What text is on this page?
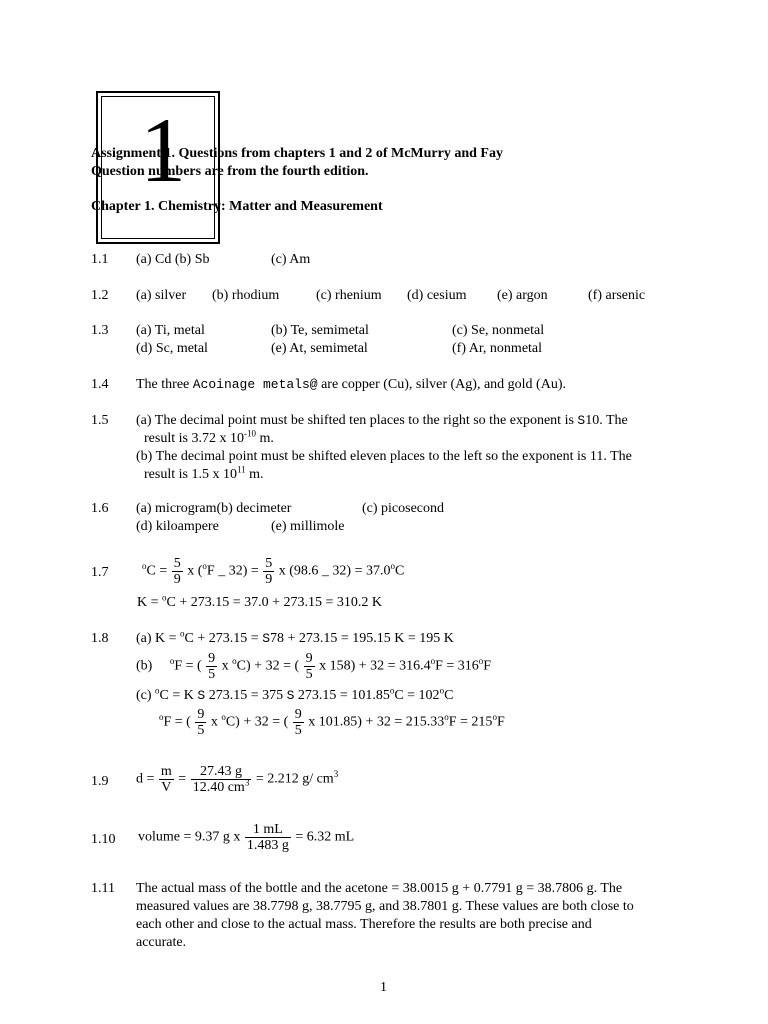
1
Assignment 1. Questions from chapters 1 and 2 of McMurry and Fay
Question numbers are from the fourth edition.
Chapter 1. Chemistry: Matter and Measurement
1.1 (a) Cd (b) Sb	(c) Am
1.2 (a) silver (b) rhodium	(c) rhenium (d) cesium (e) argon	(f) arsenic
1.3 (a) Ti, metal	(b) Te, semimetal	(c) Se, nonmetal
(d) Sc, metal	(e) At, semimetal	(f) Ar, nonmetal
1.4 The three Acoinage metals@ are copper (Cu), silver (Ag), and gold (Au).
1.5 (a) The decimal point must be shifted ten places to the right so the exponent is S10. The
result is 3.72 x $10^{-10}$ m.
(b) The decimal point must be shifted eleven places to the left so the exponent is 11. The
result is 1.5 x $10^{11}$ m.
1.6 (a) microgram(b) decimeter	(c) picosecond
(d) kiloampere	(e) millimole
1.7	$^oC = \frac{5}{9}$ x ($^o$F _ $32) = \frac{5}{9}$ x (98.6 _ $32) = 37.0^oC$
K = $^o$C + 273.15 = 37.0 + 273.15 = 310.2 K
1.8 (a) K = $^o$C + 273.15 = S78 + 273.15 = 195.15 K = 195 K
(b) $^o$F = ( $\frac{9}{5}$ x $^o$C) + 32 = ( $\frac{9}{5}$ x $158) + 32 = 316.4^oF = 316^oF$
(c) $^o$C = K S 273.15 = 375 S $273.15 = 101.85^oC = 102^oC$
$^o$F = ( $\frac{9}{5}$ x $^o$C) + 32 = ( $\frac{9}{5}$ x $101.85) + 32 = 215.33^oF = 215^oF$
1.9 $d = \frac{m}{V} = \frac{27.43 g}{12.40 cm^3} = 2.212$ g/ $cm^3$
1.10 volume = 9.37 g x $\frac{1 mL}{1.483 g} = 6.32$ mL
1.11 The actual mass of the bottle and the acetone = 38.0015 g + 0.7791 g = 38.7806 g. The
measured values are 38.7798 g, 38.7795 g, and 38.7801 g. These values are both close to
each other and close to the actual mass. Therefore the results are both precise and
accurate.
1
